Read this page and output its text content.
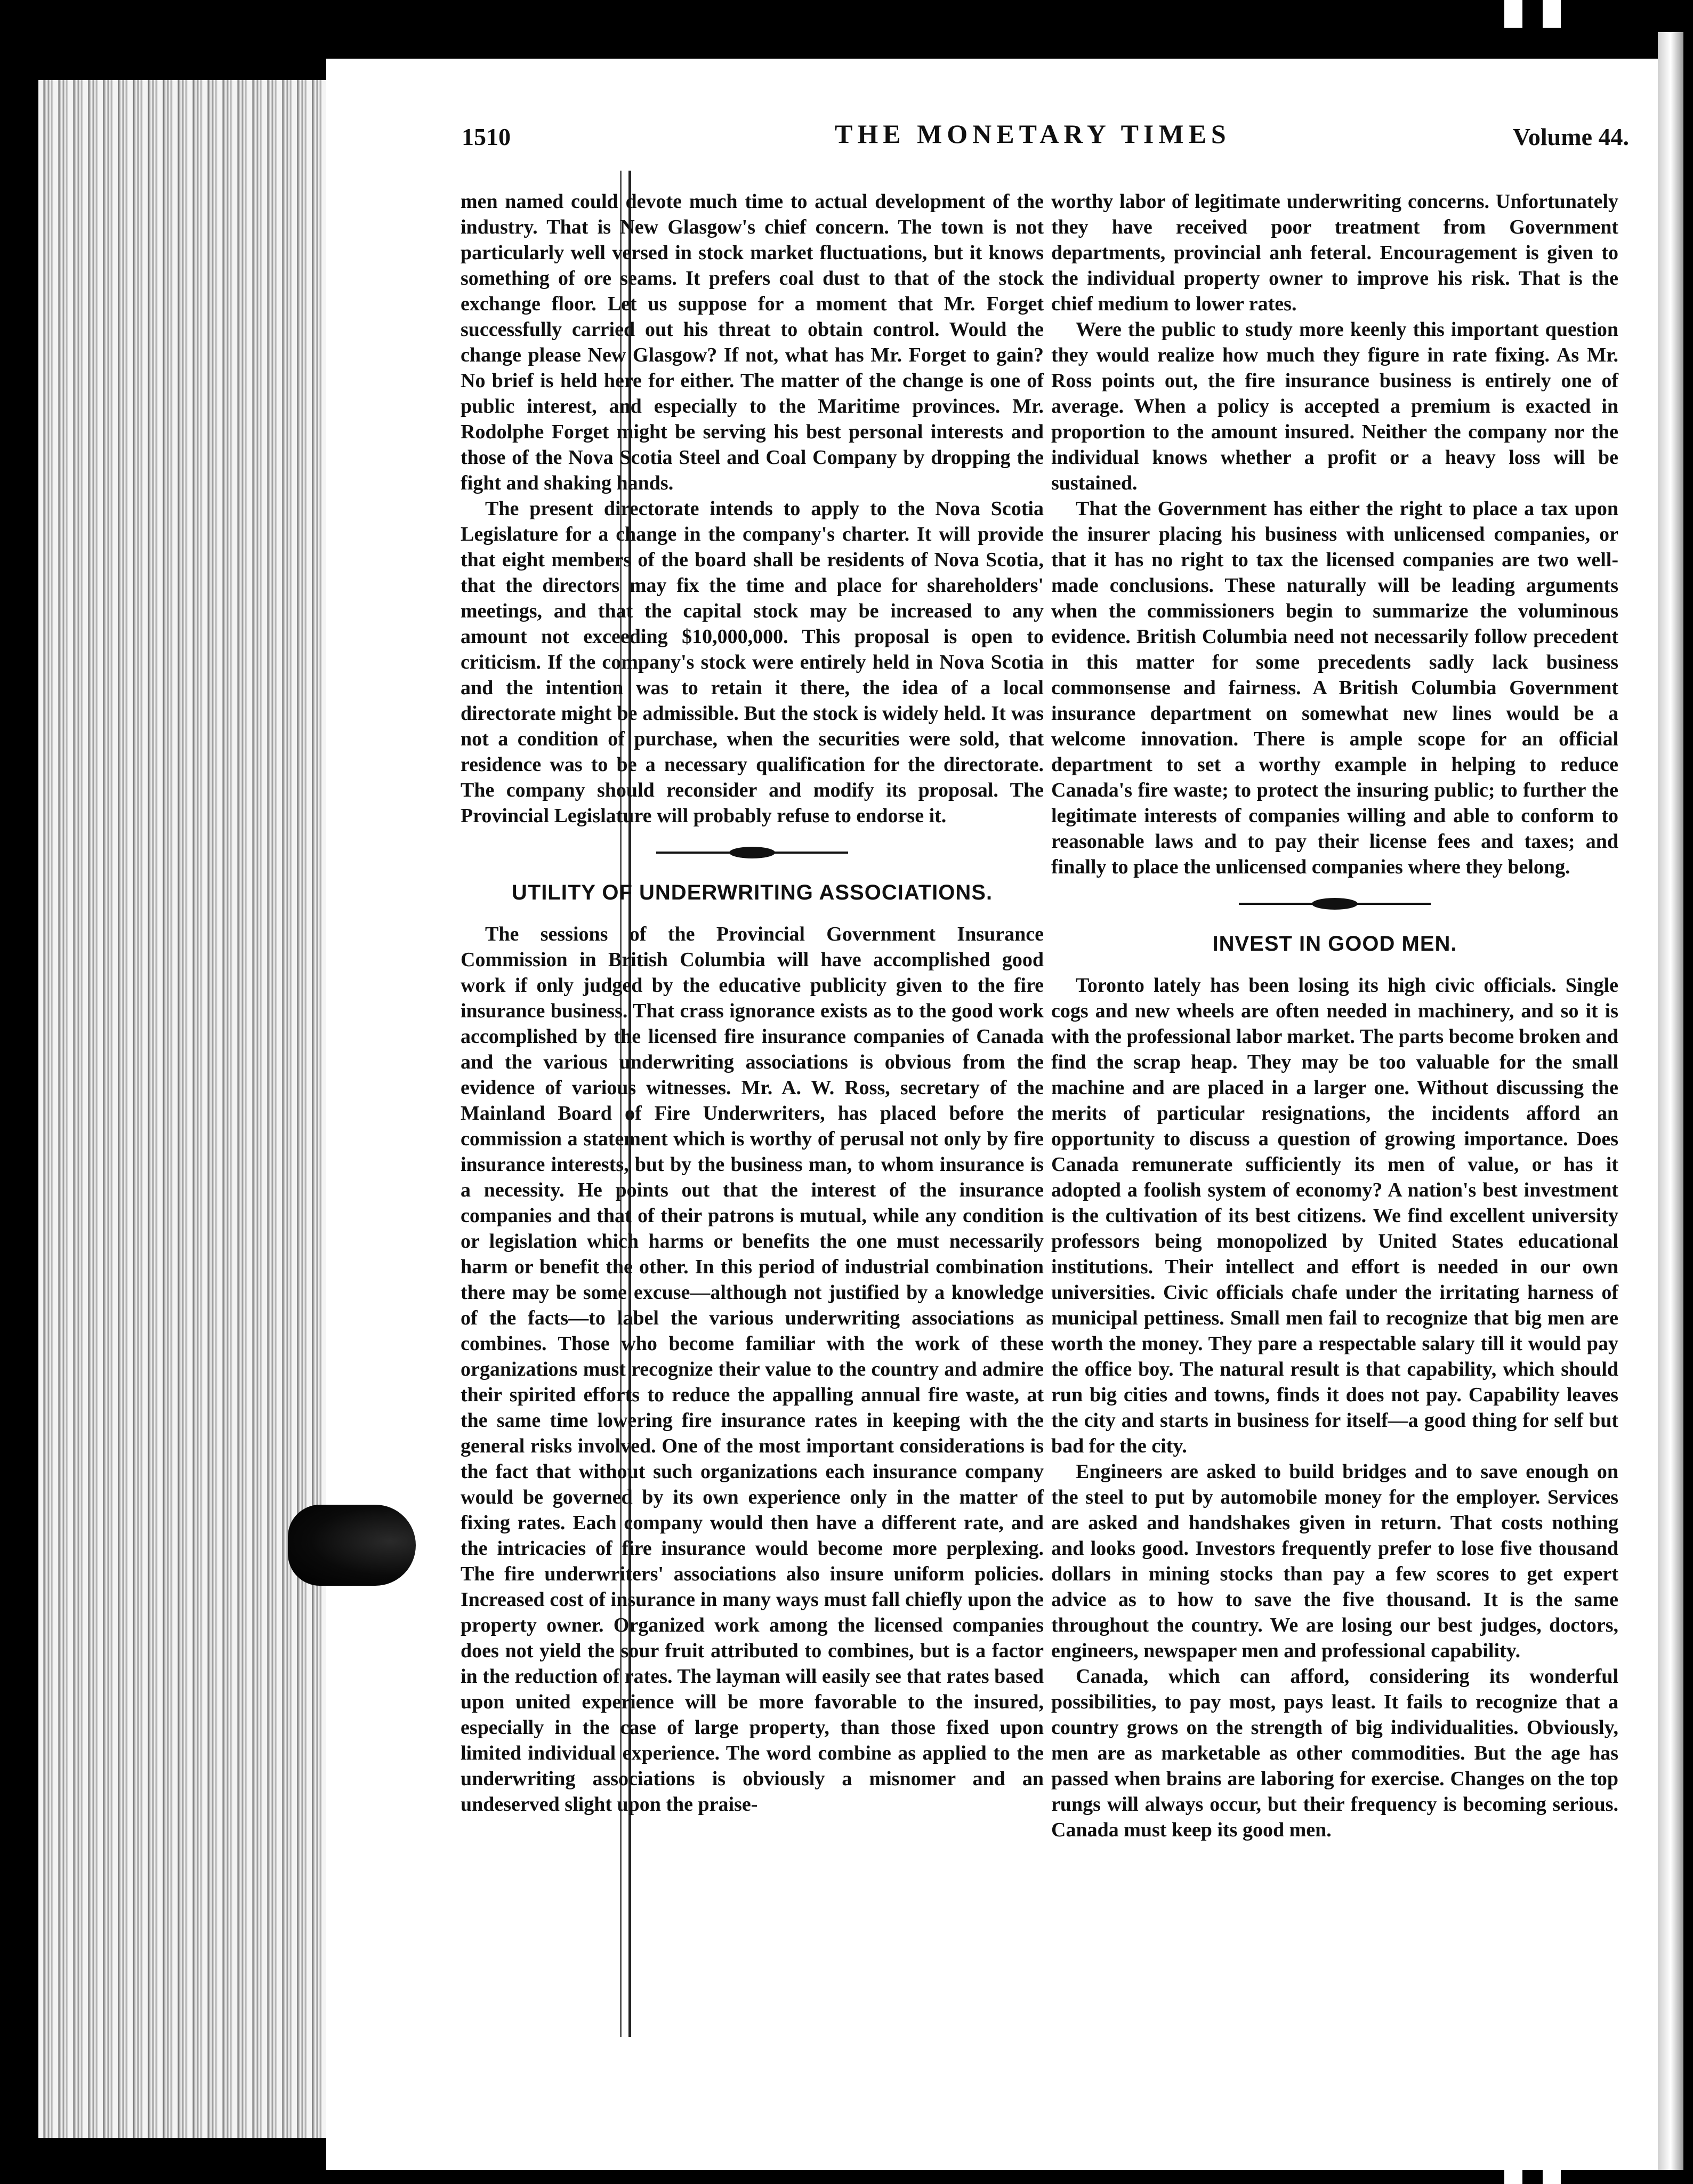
1510	THE MONETARY TIMES	Volume 44.

men named could devote much time to actual development of the industry. That is New Glasgow's chief concern. The town is not particularly well versed in stock market fluctuations, but it knows something of ore seams. It prefers coal dust to that of the stock exchange floor. Let us suppose for a moment that Mr. Forget successfully carried out his threat to obtain control. Would the change please New Glasgow? If not, what has Mr. Forget to gain? No brief is held here for either. The matter of the change is one of public interest, and especially to the Maritime provinces. Mr. Rodolphe Forget might be serving his best personal interests and those of the Nova Scotia Steel and Coal Company by dropping the fight and shaking hands.

The present directorate intends to apply to the Nova Scotia Legislature for a change in the company's charter. It will provide that eight members of the board shall be residents of Nova Scotia, that the directors may fix the time and place for shareholders' meetings, and that the capital stock may be increased to any amount not exceeding $10,000,000. This proposal is open to criticism. If the company's stock were entirely held in Nova Scotia and the intention was to retain it there, the idea of a local directorate might be admissible. But the stock is widely held. It was not a condition of purchase, when the securities were sold, that residence was to be a necessary qualification for the directorate. The company should reconsider and modify its proposal. The Provincial Legislature will probably refuse to endorse it.

UTILITY OF UNDERWRITING ASSOCIATIONS.

The sessions of the Provincial Government Insurance Commission in British Columbia will have accomplished good work if only judged by the educative publicity given to the fire insurance business. That crass ignorance exists as to the good work accomplished by the licensed fire insurance companies of Canada and the various underwriting associations is obvious from the evidence of various witnesses. Mr. A. W. Ross, secretary of the Mainland Board of Fire Underwriters, has placed before the commission a statement which is worthy of perusal not only by fire insurance interests, but by the business man, to whom insurance is a necessity. He points out that the interest of the insurance companies and that of their patrons is mutual, while any condition or legislation which harms or benefits the one must necessarily harm or benefit the other. In this period of industrial combination there may be some excuse—although not justified by a knowledge of the facts—to label the various underwriting associations as combines. Those who become familiar with the work of these organizations must recognize their value to the country and admire their spirited efforts to reduce the appalling annual fire waste, at the same time lowering fire insurance rates in keeping with the general risks involved. One of the most important considerations is the fact that without such organizations each insurance company would be governed by its own experience only in the matter of fixing rates. Each company would then have a different rate, and the intricacies of fire insurance would become more perplexing. The fire underwriters' associations also insure uniform policies. Increased cost of insurance in many ways must fall chiefly upon the property owner. Organized work among the licensed companies does not yield the sour fruit attributed to combines, but is a factor in the reduction of rates. The layman will easily see that rates based upon united experience will be more favorable to the insured, especially in the case of large property, than those fixed upon limited individual experience. The word combine as applied to the underwriting associations is obviously a misnomer and an undeserved slight upon the praise-

worthy labor of legitimate underwriting concerns. Unfortunately they have received poor treatment from Government departments, provincial anh feteral. Encouragement is given to the individual property owner to improve his risk. That is the chief medium to lower rates.

Were the public to study more keenly this important question they would realize how much they figure in rate fixing. As Mr. Ross points out, the fire insurance business is entirely one of average. When a policy is accepted a premium is exacted in proportion to the amount insured. Neither the company nor the individual knows whether a profit or a heavy loss will be sustained.

That the Government has either the right to place a tax upon the insurer placing his business with unlicensed companies, or that it has no right to tax the licensed companies are two well-made conclusions. These naturally will be leading arguments when the commissioners begin to summarize the voluminous evidence. British Columbia need not necessarily follow precedent in this matter for some precedents sadly lack business commonsense and fairness. A British Columbia Government insurance department on somewhat new lines would be a welcome innovation. There is ample scope for an official department to set a worthy example in helping to reduce Canada's fire waste; to protect the insuring public; to further the legitimate interests of companies willing and able to conform to reasonable laws and to pay their license fees and taxes; and finally to place the unlicensed companies where they belong.

INVEST IN GOOD MEN.

Toronto lately has been losing its high civic officials. Single cogs and new wheels are often needed in machinery, and so it is with the professional labor market. The parts become broken and find the scrap heap. They may be too valuable for the small machine and are placed in a larger one. Without discussing the merits of particular resignations, the incidents afford an opportunity to discuss a question of growing importance. Does Canada remunerate sufficiently its men of value, or has it adopted a foolish system of economy? A nation's best investment is the cultivation of its best citizens. We find excellent university professors being monopolized by United States educational institutions. Their intellect and effort is needed in our own universities. Civic officials chafe under the irritating harness of municipal pettiness. Small men fail to recognize that big men are worth the money. They pare a respectable salary till it would pay the office boy. The natural result is that capability, which should run big cities and towns, finds it does not pay. Capability leaves the city and starts in business for itself—a good thing for self but bad for the city.

Engineers are asked to build bridges and to save enough on the steel to put by automobile money for the employer. Services are asked and handshakes given in return. That costs nothing and looks good. Investors frequently prefer to lose five thousand dollars in mining stocks than pay a few scores to get expert advice as to how to save the five thousand. It is the same throughout the country. We are losing our best judges, doctors, engineers, newspaper men and professional capability.

Canada, which can afford, considering its wonderful possibilities, to pay most, pays least. It fails to recognize that a country grows on the strength of big individualities. Obviously, men are as marketable as other commodities. But the age has passed when brains are laboring for exercise. Changes on the top rungs will always occur, but their frequency is becoming serious. Canada must keep its good men.
